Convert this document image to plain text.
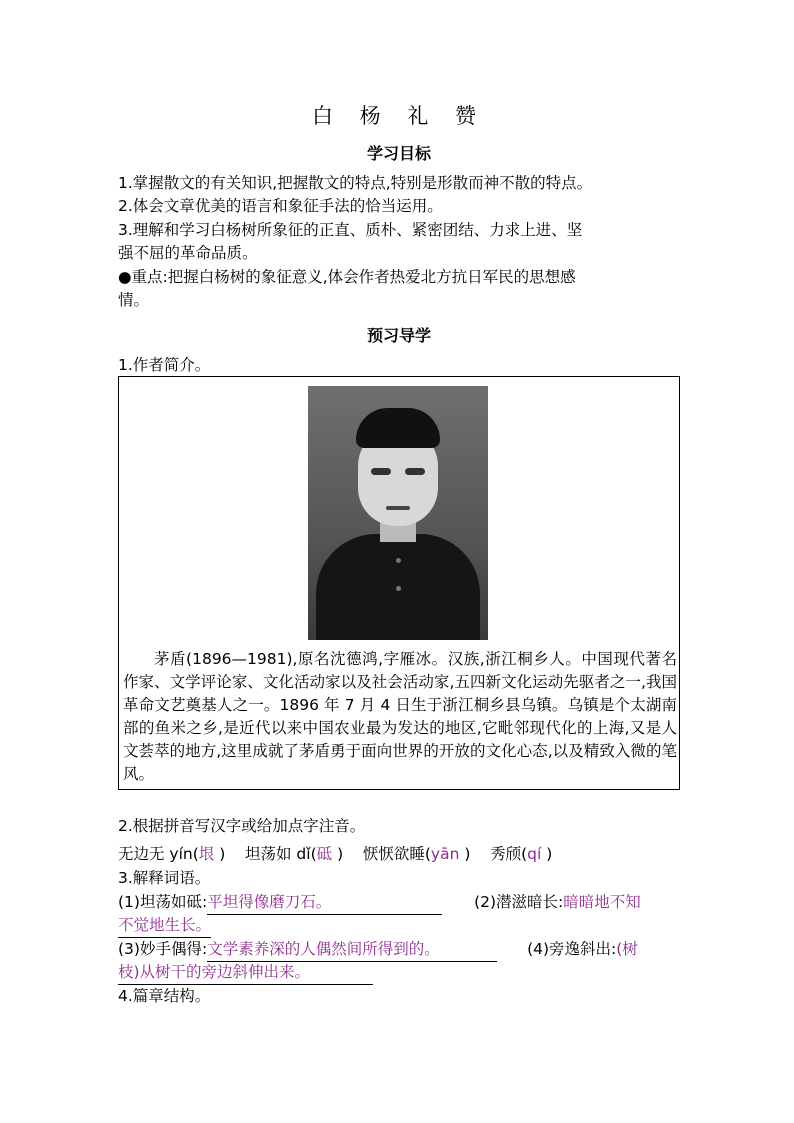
白 杨 礼 赞
学习目标
1.掌握散文的有关知识,把握散文的特点,特别是形散而神不散的特点。
2.体会文章优美的语言和象征手法的恰当运用。
3.理解和学习白杨树所象征的正直、质朴、紧密团结、力求上进、坚
强不屈的革命品质。
●重点:把握白杨树的象征意义,体会作者热爱北方抗日军民的思想感
情。
预习导学
1.作者简介。
茅盾(1896—1981),原名沈德鸿,字雁冰。汉族,浙江桐乡人。中国现代著名作家、文学评论家、文化活动家以及社会活动家,五四新文化运动先驱者之一,我国革命文艺奠基人之一。1896 年 7 月 4 日生于浙江桐乡县乌镇。乌镇是个太湖南部的鱼米之乡,是近代以来中国农业最为发达的地区,它毗邻现代化的上海,又是人文荟萃的地方,这里成就了茅盾勇于面向世界的开放的文化心态,以及精致入微的笔风。
2.根据拼音写汉字或给加点字注音。
无边无 yín(垠 ) 坦荡如 dǐ(砥 ) 恹恹欲睡(yān ) 秀颀(qí )
3.解释词语。
(1)坦荡如砥:平坦得像磨刀石。	(2)潜滋暗长:暗暗地不知
不觉地生长。
(3)妙手偶得:文学素养深的人偶然间所得到的。	(4)旁逸斜出:(树
枝)从树干的旁边斜伸出来。
4.篇章结构。
